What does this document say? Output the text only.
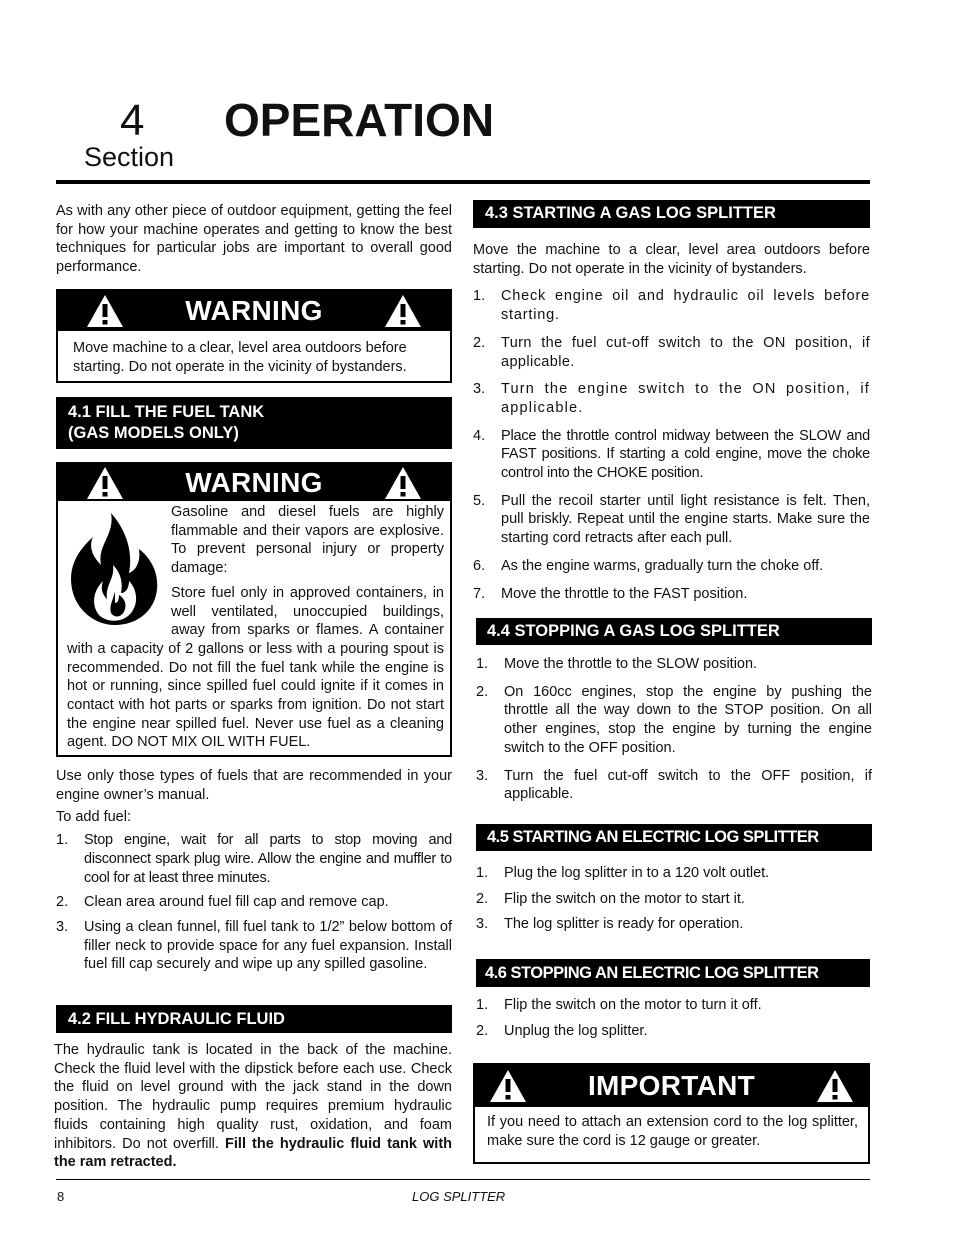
4 OPERATION
Section

As with any other piece of outdoor equipment, getting the feel for how your machine operates and getting to know the best techniques for particular jobs are important to overall good performance.

WARNING
Move machine to a clear, level area outdoors before starting. Do not operate in the vicinity of bystanders.
4.1 FILL THE FUEL TANK
(GAS MODELS ONLY)
WARNING

Gasoline and diesel fuels are highly flammable and their vapors are explosive. To prevent personal injury or property damage:

Store fuel only in approved containers, in well ventilated, unoccupied buildings, away from sparks or flames. A container with a capacity of 2 gallons or less with a pouring spout is recommended. Do not fill the fuel tank while the engine is hot or running, since spilled fuel could ignite if it comes in contact with hot parts or sparks from ignition. Do not start the engine near spilled fuel. Never use fuel as a cleaning agent. DO NOT MIX OIL WITH FUEL.

Use only those types of fuels that are recommended in your engine owner’s manual.

To add fuel:

1. Stop engine, wait for all parts to stop moving and disconnect spark plug wire. Allow the engine and muffler to cool for at least three minutes.
2. Clean area around fuel fill cap and remove cap.
3. Using a clean funnel, fill fuel tank to 1/2” below bottom of filler neck to provide space for any fuel expansion. Install fuel fill cap securely and wipe up any spilled gasoline.
4.2 FILL HYDRAULIC FLUID

The hydraulic tank is located in the back of the machine. Check the fluid level with the dipstick before each use. Check the fluid on level ground with the jack stand in the down position. The hydraulic pump requires premium hydraulic fluids containing high quality rust, oxidation, and foam inhibitors. Do not overfill. Fill the hydraulic fluid tank with the ram retracted.

4.3 STARTING A GAS LOG SPLITTER

Move the machine to a clear, level area outdoors before starting. Do not operate in the vicinity of bystanders.

1. Check engine oil and hydraulic oil levels before starting.
2. Turn the fuel cut-off switch to the ON position, if applicable.
3. Turn the engine switch to the ON position, if applicable.
4. Place the throttle control midway between the SLOW and FAST positions. If starting a cold engine, move the choke control into the CHOKE position.
5. Pull the recoil starter until light resistance is felt. Then, pull briskly. Repeat until the engine starts. Make sure the starting cord retracts after each pull.
6. As the engine warms, gradually turn the choke off.
7. Move the throttle to the FAST position.
4.4 STOPPING A GAS LOG SPLITTER
1. Move the throttle to the SLOW position.
2. On 160cc engines, stop the engine by pushing the throttle all the way down to the STOP position. On all other engines, stop the engine by turning the engine switch to the OFF position.
3. Turn the fuel cut-off switch to the OFF position, if applicable.
4.5 STARTING AN ELECTRIC LOG SPLITTER
1. Plug the log splitter in to a 120 volt outlet.
2. Flip the switch on the motor to start it.
3. The log splitter is ready for operation.
4.6 STOPPING AN ELECTRIC LOG SPLITTER
1. Flip the switch on the motor to turn it off.
2. Unplug the log splitter.
IMPORTANT
If you need to attach an extension cord to the log splitter, make sure the cord is 12 gauge or greater.
8	LOG SPLITTER
